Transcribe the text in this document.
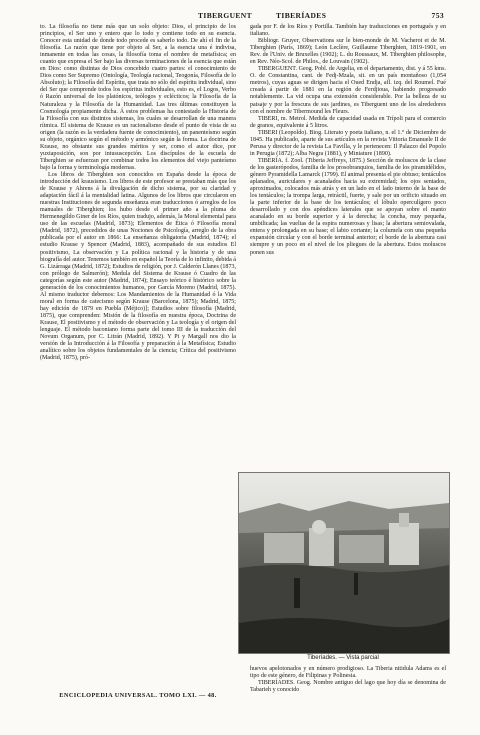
TIBERGUENT	TIBERÍADES	753

to. La filosofía no tiene más que un solo objeto: Dios, el principio de los principios, el Ser uno y entero que lo todo y contiene todo en su esencia. Conocer esta unidad de donde todo procede es saberlo todo. De ahí el fin de la filosofía. La razón que tiene por objeto al Ser, a la esencia una é indivisa, inmanente en todas las cosas, la filosofía toma el nombre de metafísica; en cuanto que expresa el Ser bajo las diversas terminaciones de la esencia que están en Dios: como distintas de Dios concebido cuatro partes: el conocimiento de Dios como Ser Supremo (Ontología, Teología racional, Teogonía, Filosofía de lo Absoluto); la Filosofía del Espíritu, que trata no sólo del espíritu individual, sino del Ser que comprende todos los espíritus individuales, esto es, el Logos, Verbo ó Razón universal de los platónicos, teólogos y eclécticos; la Filosofía de la Naturaleza y la Filosofía de la Humanidad. Las tres últimas constituyen la Cosmología propiamente dicha. Á estos problemas ha contestado la Historia de la Filosofía con sus distintos sistemas, los cuales se desarrollan de una manera rítmica. El sistema de Krause es un racionalismo desde el punto de vista de su origen (la razón es la verdadera fuente de conocimiento), un panenteísmo según su objeto, orgánico según el método y armónico según la forma. La doctrina de Krause, no obstante sus grandes méritos y ser, como el autor dice, por yuxtaposición, son por intususcepción. Los discípulos de la escuela de Tiberghien se esfuerzan por combinar todos los elementos del viejo panteísmo bajo la forma y terminología modernas.

Los libros de Tiberghien son conocidos en España desde la época de introducción del krausismo. Los libros de este profesor se prestaban más que los de Krause y Ahrens á la divulgación de dicho sistema, por su claridad y adaptación fácil á la mentalidad latina. Algunos de los libros que circularon en nuestras Instituciones de segunda enseñanza eran traducciones ó arreglos de los manuales de Tiberghien; los hubo desde el primer año a la pluma de Hermenegildo Giner de los Ríos, quien tradujo, además, la Moral elemental para uso de las escuelas (Madrid, 1873); Elementos de Ética ó Filosofía moral (Madrid, 1872), precedidos de unas Nociones de Psicología, arreglo de la obra publicada por el autor en 1866: La enseñanza obligatoria (Madrid, 1874); el estudio Krause y Spencer (Madrid, 1883), acompañado de sus estudios El positivismo, La observación y La política racional y la historia y de una biografía del autor. Tenemos también en español la Teoría de lo infinito, debida á G. Lizárraga (Madrid, 1872); Estudios de religión, por J. Calderón Llanes (1873, con prólogo de Salmerón); Medula del Sistema de Krause ó Cuadro de las categorías según este autor (Madrid, 1874); Ensayo teórico é histórico sobre la generación de los conocimientos humanos, por García Moreno (Madrid, 1875). Al mismo traductor debemos: Los Mandamientos de la Humanidad ó la Vida moral en forma de catecismo según Krause (Barcelona, 1875); Madrid, 1875; hay edición de 1879 en Puebla (Méjico)]; Estudios sobre filosofía (Madrid, 1875), que comprenden: Misión de la filosofía en nuestra época, Doctrina de Krause, El positivismo y el método de observación y La teología y el origen del lenguaje. El método baconiano forma parte del tomo III de la traducción del Novum Organum, por C. Litrán (Madrid, 1892). Y Pi y Margall nos dio la versión de la Introducción á la Filosofía y preparación á la Metafísica; Estudio analítico sobre los objetos fundamentales de la ciencia; Crítica del positivismo (Madrid, 1875), pró-

gada por F. de los Ríos y Portilla. También hay traducciones en portugués y en italiano.

Bibliogr. Gruyer, Observations sur le bien-monde de M. Vacherot et de M. Tiberghien (París, 1869); León Leclère, Guillaume Tiberghien, 1819-1901, en Rev. de l'Univ. de Bruxelles (1902); L. du Roussaux, M. Tiberghien philosophe, en Rev. Néo-Scol. de Philos., de Louvain (1902).

TIBERGUENT. Geog. Pobl. de Argelia, en el departamento, dist. y á 55 kms. O. de Constantina, cant. de Fedj-Mzala, sit. en un país montañoso (1,054 metros), cuyas aguas se dirigen hacia el Oued Endja, afl. izq. del Roumel. Fué creada á partir de 1881 en la región de Ferdjioua, habiendo progresado notablemente. La vid ocupa una extensión considerable. Por la belleza de su paisaje y por la frescura de sus jardines, es Tiberguent uno de los alrededores con el nombre de Tibermound les Fleurs.

TIBERI, m. Metrol. Medida de capacidad usada en Trípoli para el comercio de granos, equivalente á 5 litros.

TIBERI (Leopoldo). Biog. Literato y poeta italiano, n. el 1.° de Diciembre de 1845. Ha publicado, aparte de sus artículos en la revista Vittoria Emanuele II de Perusa y director de la revista La Favilla, y le pertenecen: Il Palazzo del Popolo in Perugia (1872); Alba Negra (1881), y Miniature (1890).

TIBERÍA. f. Zool. (Tiberia Jeffreys, 1875.) Sección de moluscos de la clase de los gasterópodos, familia de los prosobranquios, familia de los piramidélidos, género Pyramidella Lamarck (1799). El animal presenta el pie obtuso; tentáculos aplanados, auriculares y acanalados hacia su extremidad; los ojos sentados, aproximados, colocados más atrás y en un lado en el lado interno de la base de los tentáculos; la trompa larga, retráctil, fuerte, y sale por un orificio situado en la parte inferior de la base de los tentáculos; el lóbulo operculígero poco desarrollado y con dos apéndices laterales que se apoyan sobre el manto acanalado en su borde superior y á la derecha; la concha, muy pequeña, umbilicada; las vueltas de la espira numerosas y lisas; la abertura semiovalada, entera y prolongada en su base; el labio cortante; la columela con una pequeña expansión circular y con el borde terminal anterior; el borde de la abertura casi siempre y un poco en el nivel de los pliegues de la abertura. Estos moluscos ponen sus

Tiberíades. — Vista parcial

huevos apelotonados y en número prodigioso. La Tiberia nitidula Adams es el tipo de este género, de Filipinas y Polinesia.

TIBERÍADES. Geog. Nombre antiguo del lago que hoy día se denomina de Tabarieh y conocido

ENCICLOPEDIA UNIVERSAL. TOMO LXI. — 48.
